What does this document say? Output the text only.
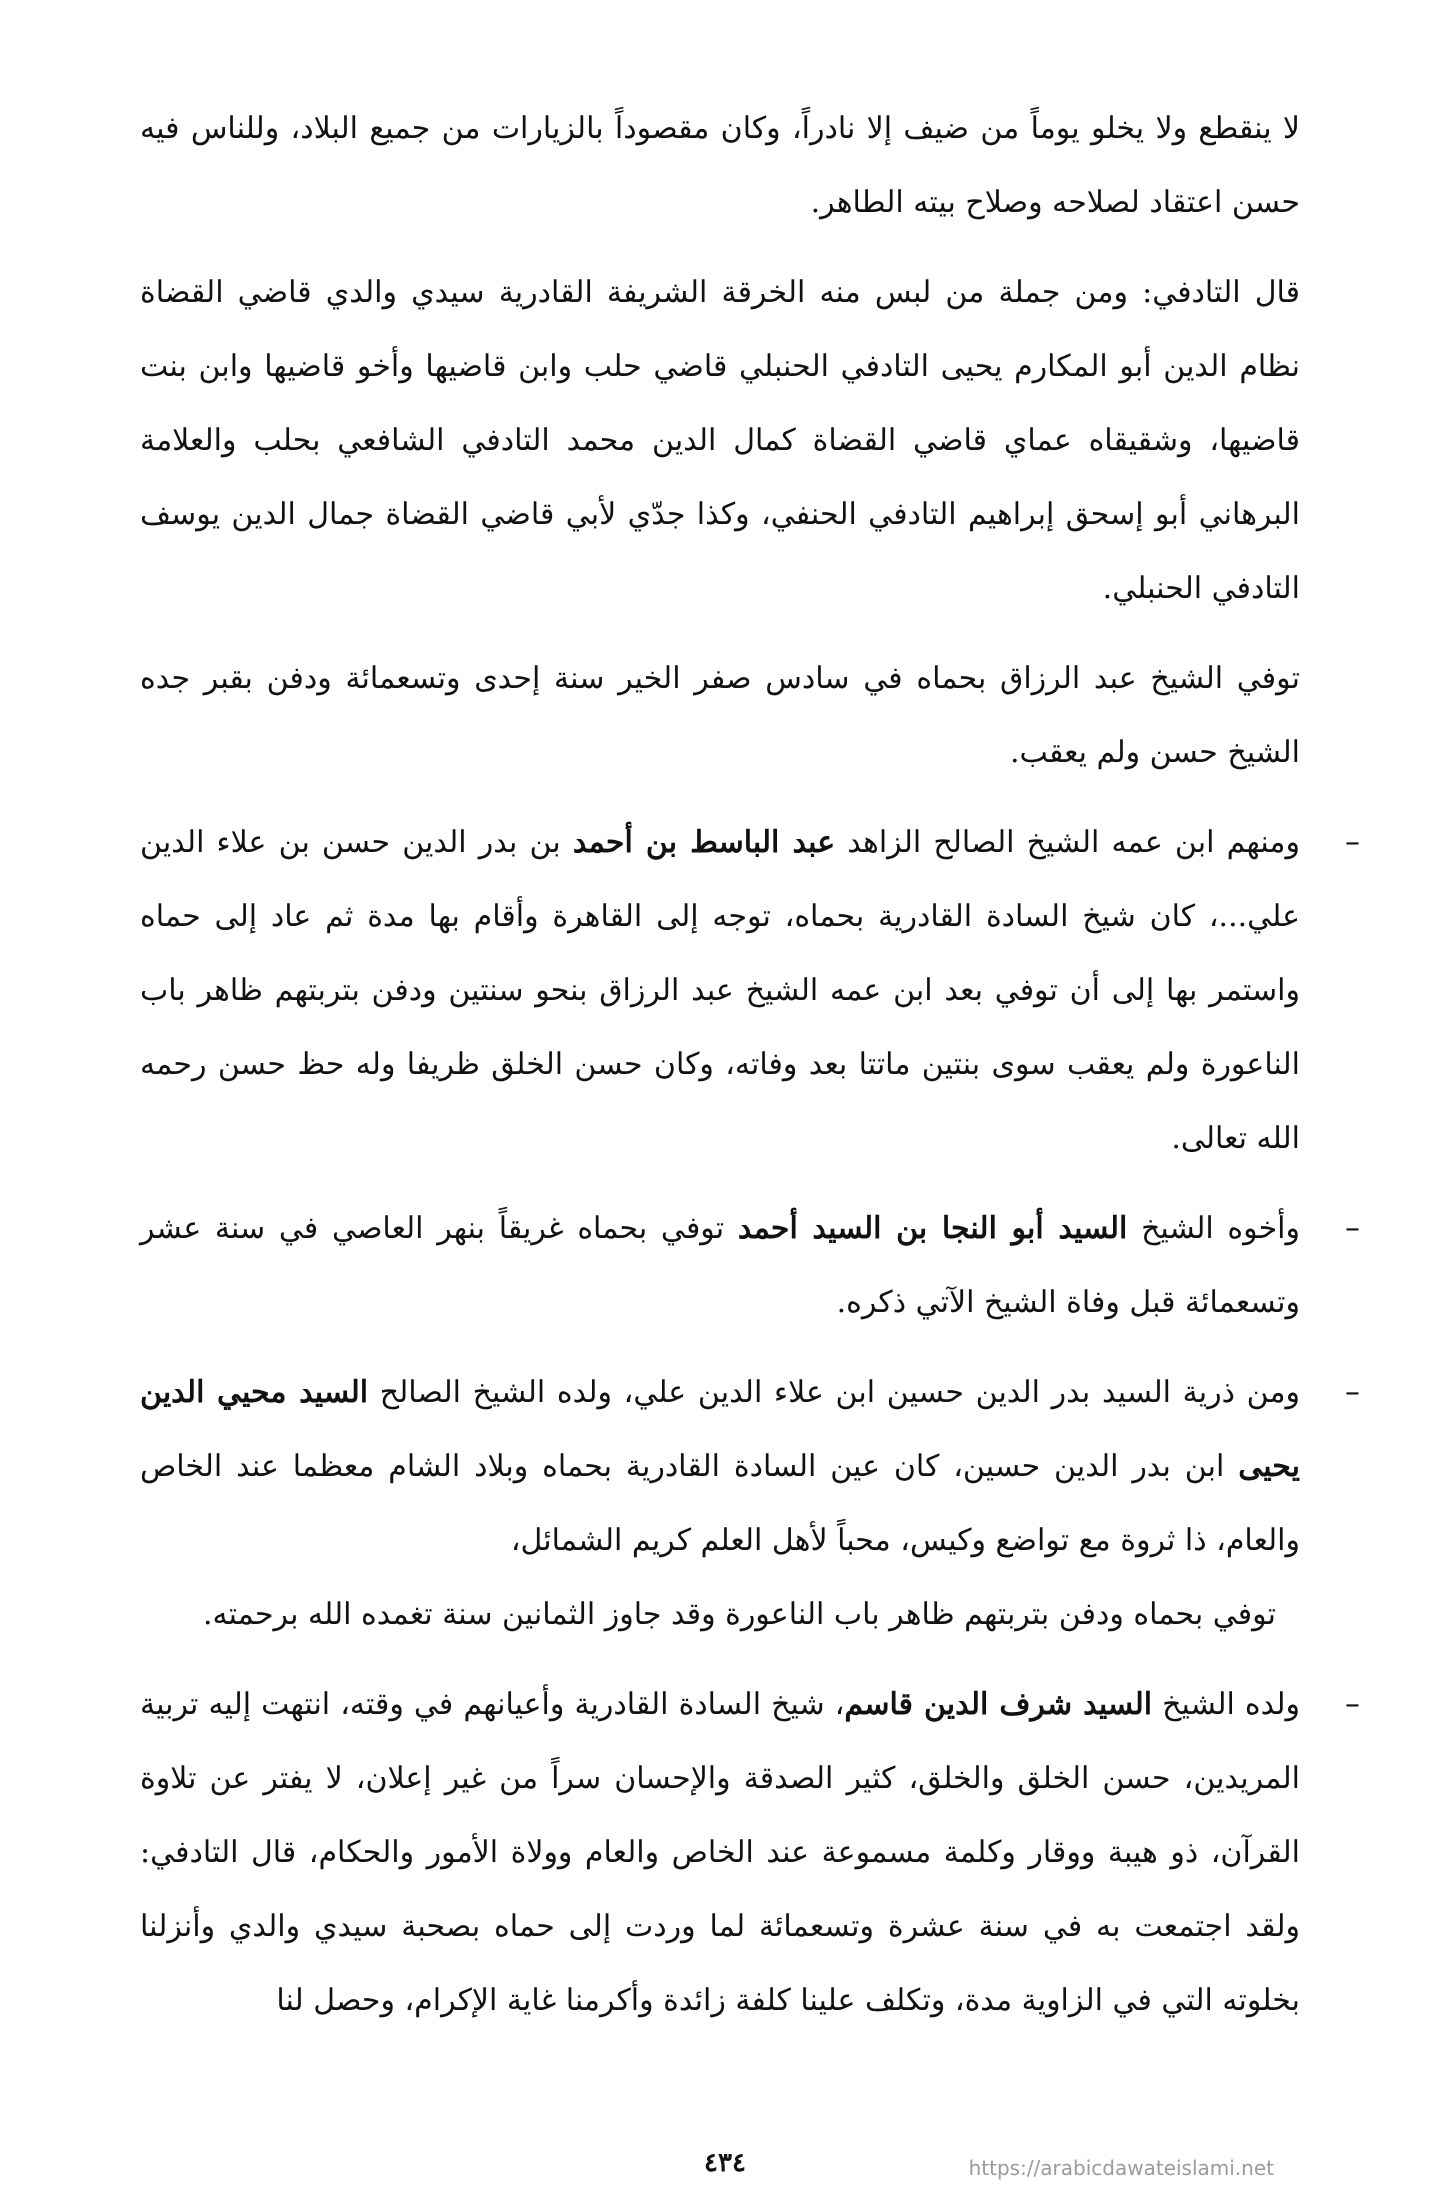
لا ينقطع ولا يخلو يوماً من ضيف إلا نادراً، وكان مقصوداً بالزيارات من جميع البلاد، وللناس فيه حسن اعتقاد لصلاحه وصلاح بيته الطاهر.

قال التادفي: ومن جملة من لبس منه الخرقة الشريفة القادرية سيدي والدي قاضي القضاة نظام الدين أبو المكارم يحيى التادفي الحنبلي قاضي حلب وابن قاضيها وأخو قاضيها وابن بنت قاضيها، وشقيقاه عماي قاضي القضاة كمال الدين محمد التادفي الشافعي بحلب والعلامة البرهاني أبو إسحق إبراهيم التادفي الحنفي، وكذا جدّي لأبي قاضي القضاة جمال الدين يوسف التادفي الحنبلي.

توفي الشيخ عبد الرزاق بحماه في سادس صفر الخير سنة إحدى وتسعمائة ودفن بقبر جده الشيخ حسن ولم يعقب.

–
ومنهم ابن عمه الشيخ الصالح الزاهد عبد الباسط بن أحمد بن بدر الدين حسن بن علاء الدين علي...، كان شيخ السادة القادرية بحماه، توجه إلى القاهرة وأقام بها مدة ثم عاد إلى حماه واستمر بها إلى أن توفي بعد ابن عمه الشيخ عبد الرزاق بنحو سنتين ودفن بتربتهم ظاهر باب الناعورة ولم يعقب سوى بنتين ماتتا بعد وفاته، وكان حسن الخلق ظريفا وله حظ حسن رحمه الله تعالى.

–
وأخوه الشيخ السيد أبو النجا بن السيد أحمد توفي بحماه غريقاً بنهر العاصي في سنة عشر وتسعمائة قبل وفاة الشيخ الآتي ذكره.

–
ومن ذرية السيد بدر الدين حسين ابن علاء الدين علي، ولده الشيخ الصالح السيد محيي الدين يحيى ابن بدر الدين حسين، كان عين السادة القادرية بحماه وبلاد الشام معظما عند الخاص والعام، ذا ثروة مع تواضع وكيس، محباً لأهل العلم كريم الشمائل،
توفي بحماه ودفن بتربتهم ظاهر باب الناعورة وقد جاوز الثمانين سنة تغمده الله برحمته.

–
ولده الشيخ السيد شرف الدين قاسم، شيخ السادة القادرية وأعيانهم في وقته، انتهت إليه تربية المريدين، حسن الخلق والخلق، كثير الصدقة والإحسان سراً من غير إعلان، لا يفتر عن تلاوة القرآن، ذو هيبة ووقار وكلمة مسموعة عند الخاص والعام وولاة الأمور والحكام، قال التادفي: ولقد اجتمعت به في سنة عشرة وتسعمائة لما وردت إلى حماه بصحبة سيدي والدي وأنزلنا بخلوته التي في الزاوية مدة، وتكلف علينا كلفة زائدة وأكرمنا غاية الإكرام، وحصل لنا

٤٣٤	https://arabicdawateislami.net
